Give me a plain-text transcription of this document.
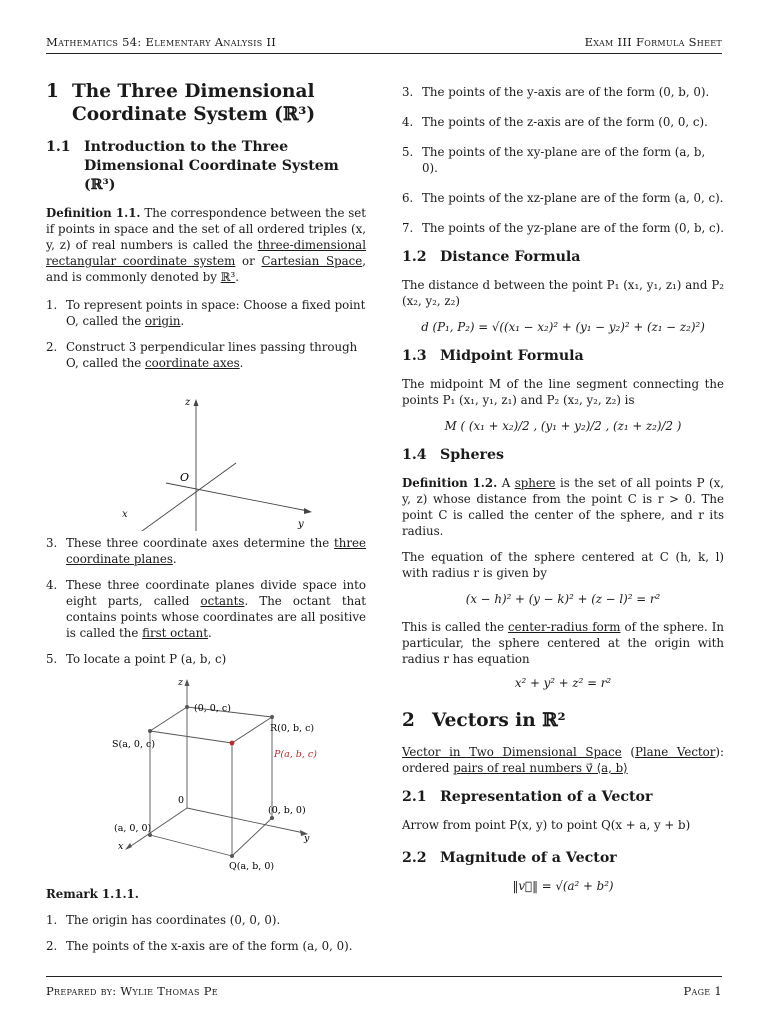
Mathematics 54: Elementary Analysis II	Exam III Formula Sheet
1 The Three Dimensional Coordinate System (ℝ³)
1.1 Introduction to the Three Dimensional Coordinate System (ℝ³)

Definition 1.1. The correspondence between the set if points in space and the set of all ordered triples (x, y, z) of real numbers is called the three-dimensional rectangular coordinate system or Cartesian Space, and is commonly denoted by ℝ³.

1. To represent points in space: Choose a fixed point O, called the origin.
2. Construct 3 perpendicular lines passing through O, called the coordinate axes.
z
O
y
x
3. These three coordinate axes determine the three coordinate planes.
4. These three coordinate planes divide space into eight parts, called octants. The octant that contains points whose coordinates are all positive is called the first octant.
5. To locate a point P (a, b, c)
z
(0, 0, c)
R(0, b, c)
S(a, 0, c)
P(a, b, c)
0
(0, b, 0)
(a, 0, 0)
y
x
Q(a, b, 0)

Remark 1.1.1.

1. The origin has coordinates (0, 0, 0).
2. The points of the x-axis are of the form (a, 0, 0).
3. The points of the y-axis are of the form (0, b, 0).
4. The points of the z-axis are of the form (0, 0, c).
5. The points of the xy-plane are of the form (a, b, 0).
6. The points of the xz-plane are of the form (a, 0, c).
7. The points of the yz-plane are of the form (0, b, c).
1.2 Distance Formula

The distance d between the point P₁ (x₁, y₁, z₁) and P₂ (x₂, y₂, z₂)

d (P₁, P₂) = √((x₁ − x₂)² + (y₁ − y₂)² + (z₁ − z₂)²)
1.3 Midpoint Formula

The midpoint M of the line segment connecting the points P₁ (x₁, y₁, z₁) and P₂ (x₂, y₂, z₂) is

M ( (x₁ + x₂)/2 , (y₁ + y₂)/2 , (z₁ + z₂)/2 )
1.4 Spheres

Definition 1.2. A sphere is the set of all points P (x, y, z) whose distance from the point C is r > 0. The point C is called the center of the sphere, and r its radius.

The equation of the sphere centered at C (h, k, l) with radius r is given by

(x − h)² + (y − k)² + (z − l)² = r²

This is called the center-radius form of the sphere. In particular, the sphere centered at the origin with radius r has equation

x² + y² + z² = r²
2 Vectors in ℝ²

Vector in Two Dimensional Space (Plane Vector): ordered pairs of real numbers v⃗ ⟨a, b⟩

2.1 Representation of a Vector

Arrow from point P(x, y) to point Q(x + a, y + b)

2.2 Magnitude of a Vector
‖v⃗‖ = √(a² + b²)
Prepared by: Wylie Thomas Pe	Page 1
